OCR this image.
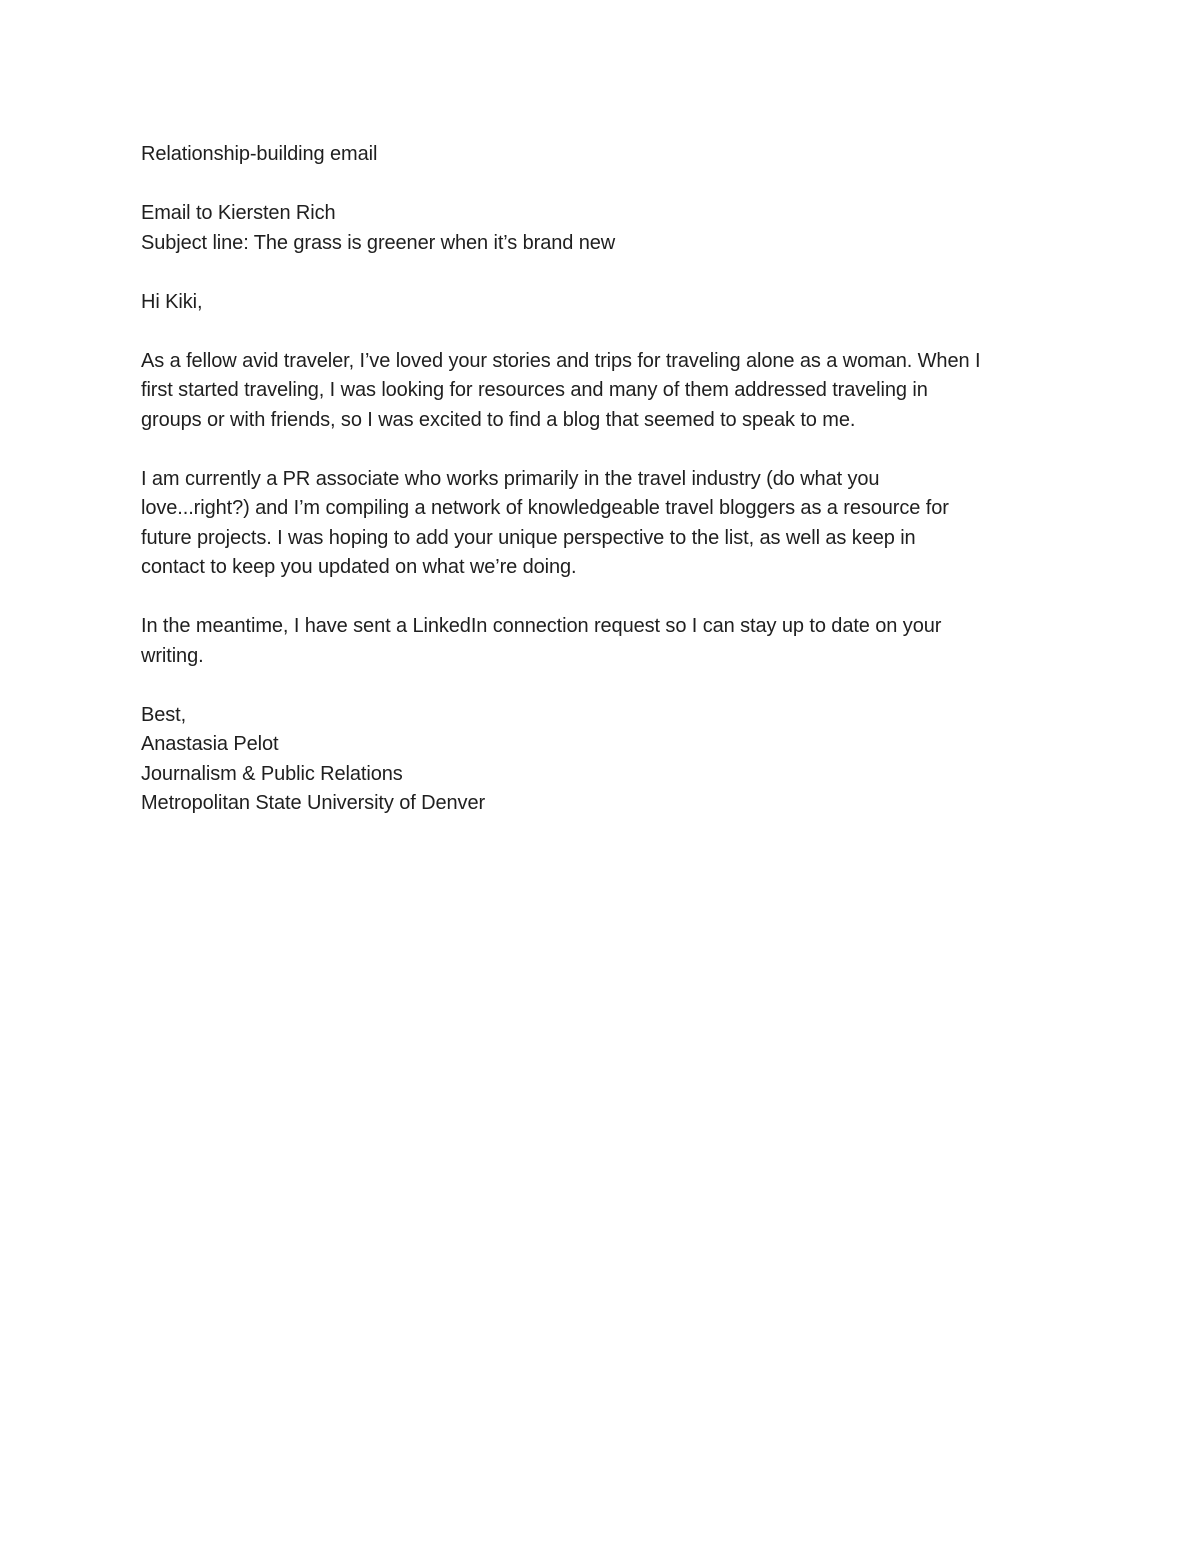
Relationship-building email
Email to Kiersten Rich
Subject line: The grass is greener when it’s brand new
Hi Kiki,

As a fellow avid traveler, I’ve loved your stories and trips for traveling alone as a woman. When I
first started traveling, I was looking for resources and many of them addressed traveling in
groups or with friends, so I was excited to find a blog that seemed to speak to me.

I am currently a PR associate who works primarily in the travel industry (do what you
love...right?) and I’m compiling a network of knowledgeable travel bloggers as a resource for
future projects. I was hoping to add your unique perspective to the list, as well as keep in
contact to keep you updated on what we’re doing.

In the meantime, I have sent a LinkedIn connection request so I can stay up to date on your
writing.

Best,
Anastasia Pelot
Journalism & Public Relations
Metropolitan State University of Denver
